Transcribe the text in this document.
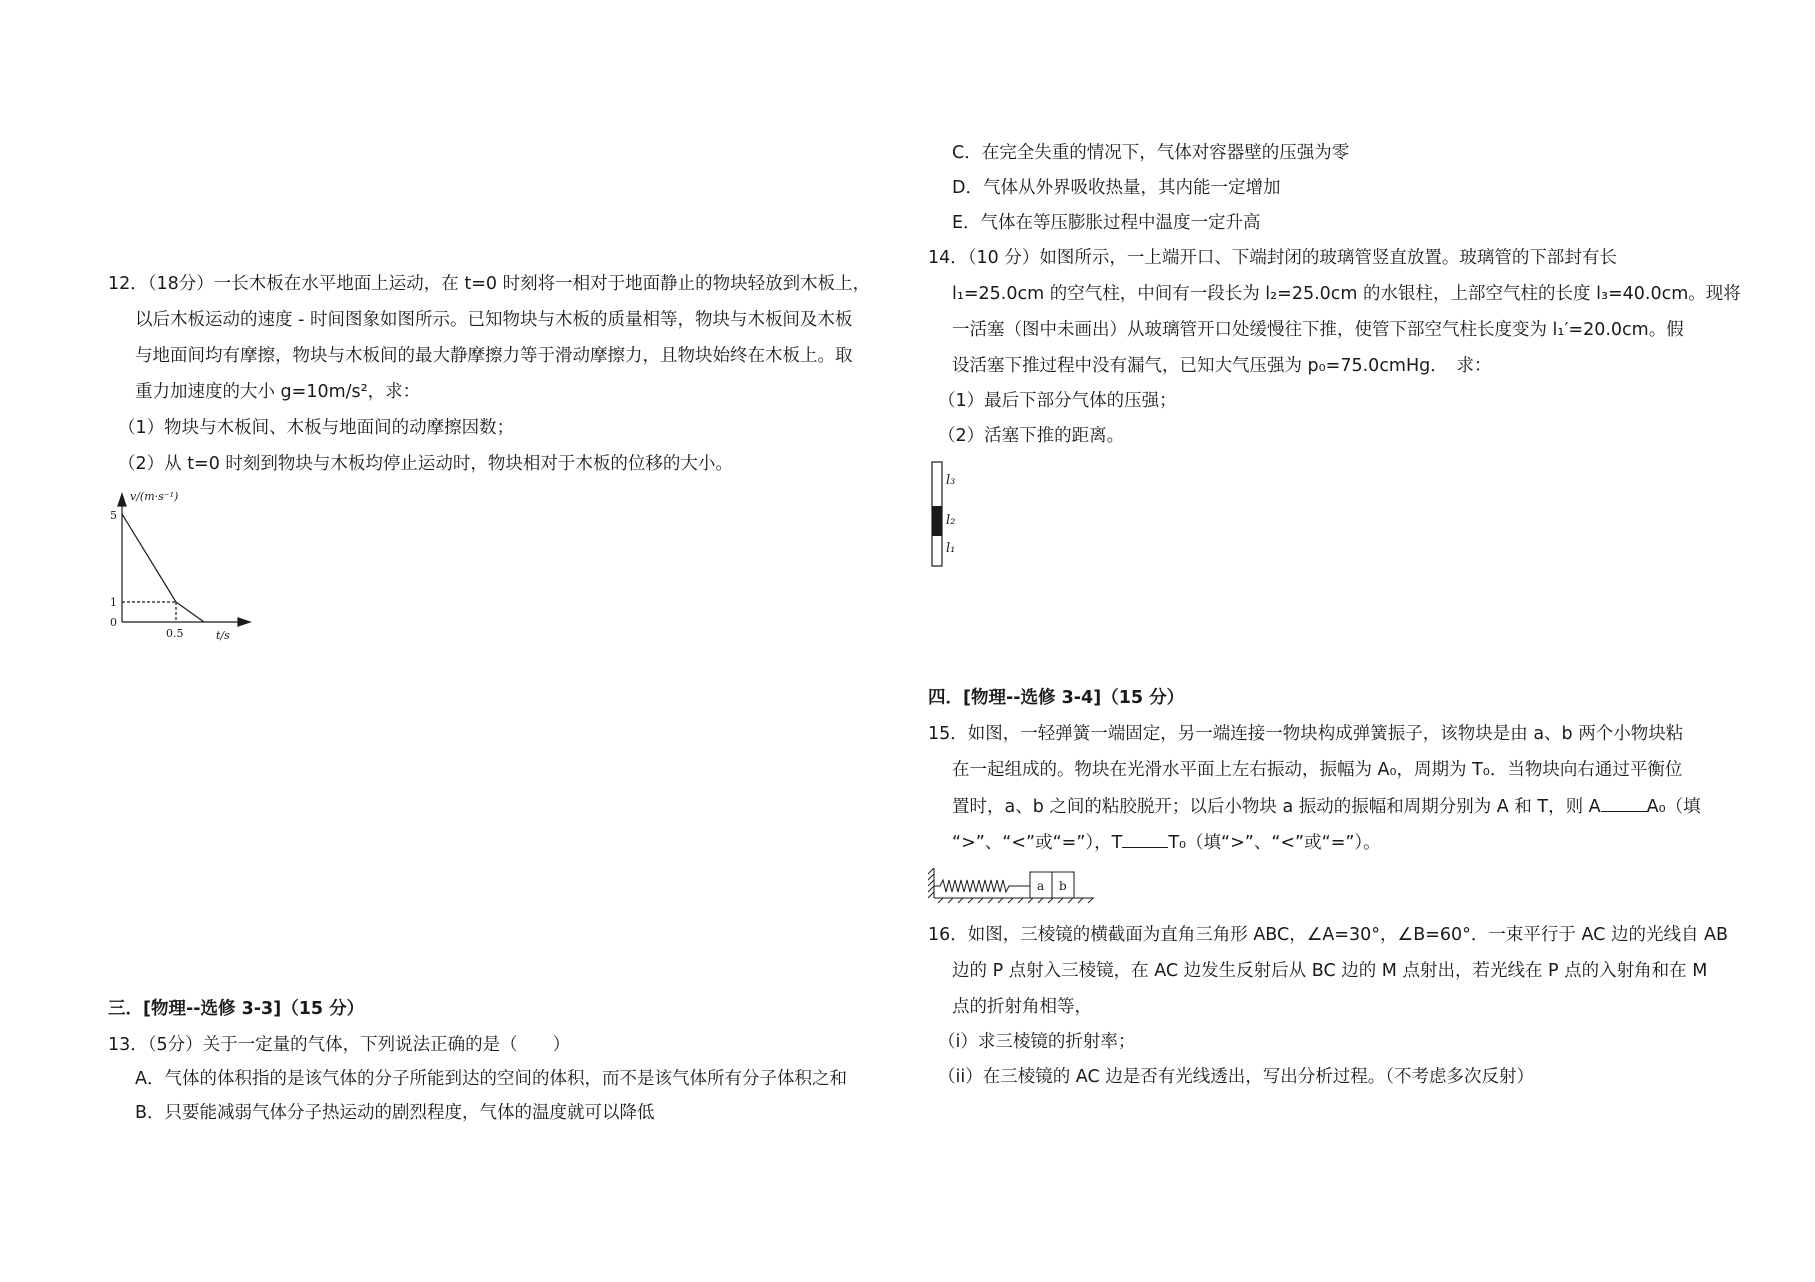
12．（18分）一长木板在水平地面上运动，在 t=0 时刻将一相对于地面静止的物块轻放到木板上，
以后木板运动的速度 - 时间图象如图所示。已知物块与木板的质量相等，物块与木板间及木板
与地面间均有摩擦，物块与木板间的最大静摩擦力等于滑动摩擦力，且物块始终在木板上。取
重力加速度的大小 g=10m/s²，求：
（1）物块与木板间、木板与地面间的动摩擦因数；
（2）从 t=0 时刻到物块与木板均停止运动时，物块相对于木板的位移的大小。
v/(m·s⁻¹)
5
1
0
0.5	t/s
三．[物理--选修 3-3]（15 分）
13．（5分）关于一定量的气体，下列说法正确的是（　　）
A．气体的体积指的是该气体的分子所能到达的空间的体积，而不是该气体所有分子体积之和
B．只要能减弱气体分子热运动的剧烈程度，气体的温度就可以降低
C．在完全失重的情况下，气体对容器壁的压强为零
D．气体从外界吸收热量，其内能一定增加
E．气体在等压膨胀过程中温度一定升高
14．（10 分）如图所示，一上端开口、下端封闭的玻璃管竖直放置。玻璃管的下部封有长
l₁=25.0cm 的空气柱，中间有一段长为 l₂=25.0cm 的水银柱，上部空气柱的长度 l₃=40.0cm。现将
一活塞（图中未画出）从玻璃管开口处缓慢往下推，使管下部空气柱长度变为 l₁′=20.0cm。假
设活塞下推过程中没有漏气，已知大气压强为 p₀=75.0cmHg．　求：
（1）最后下部分气体的压强；
（2）活塞下推的距离。
l₃
l₂
l₁
四．[物理--选修 3-4]（15 分）
15．如图，一轻弹簧一端固定，另一端连接一物块构成弹簧振子，该物块是由 a、b 两个小物块粘
在一起组成的。物块在光滑水平面上左右振动，振幅为 A₀，周期为 T₀．当物块向右通过平衡位
置时，a、b 之间的粘胶脱开；以后小物块 a 振动的振幅和周期分别为 A 和 T，则 A	A₀（填
“>”、“<”或“=”），T	T₀（填“>”、“<”或“=”）。
a b
16．如图，三棱镜的横截面为直角三角形 ABC，∠A=30°，∠B=60°．一束平行于 AC 边的光线自 AB
边的 P 点射入三棱镜，在 AC 边发生反射后从 BC 边的 M 点射出，若光线在 P 点的入射角和在 M
点的折射角相等，
（i）求三棱镜的折射率；
（ii）在三棱镜的 AC 边是否有光线透出，写出分析过程。（不考虑多次反射）
